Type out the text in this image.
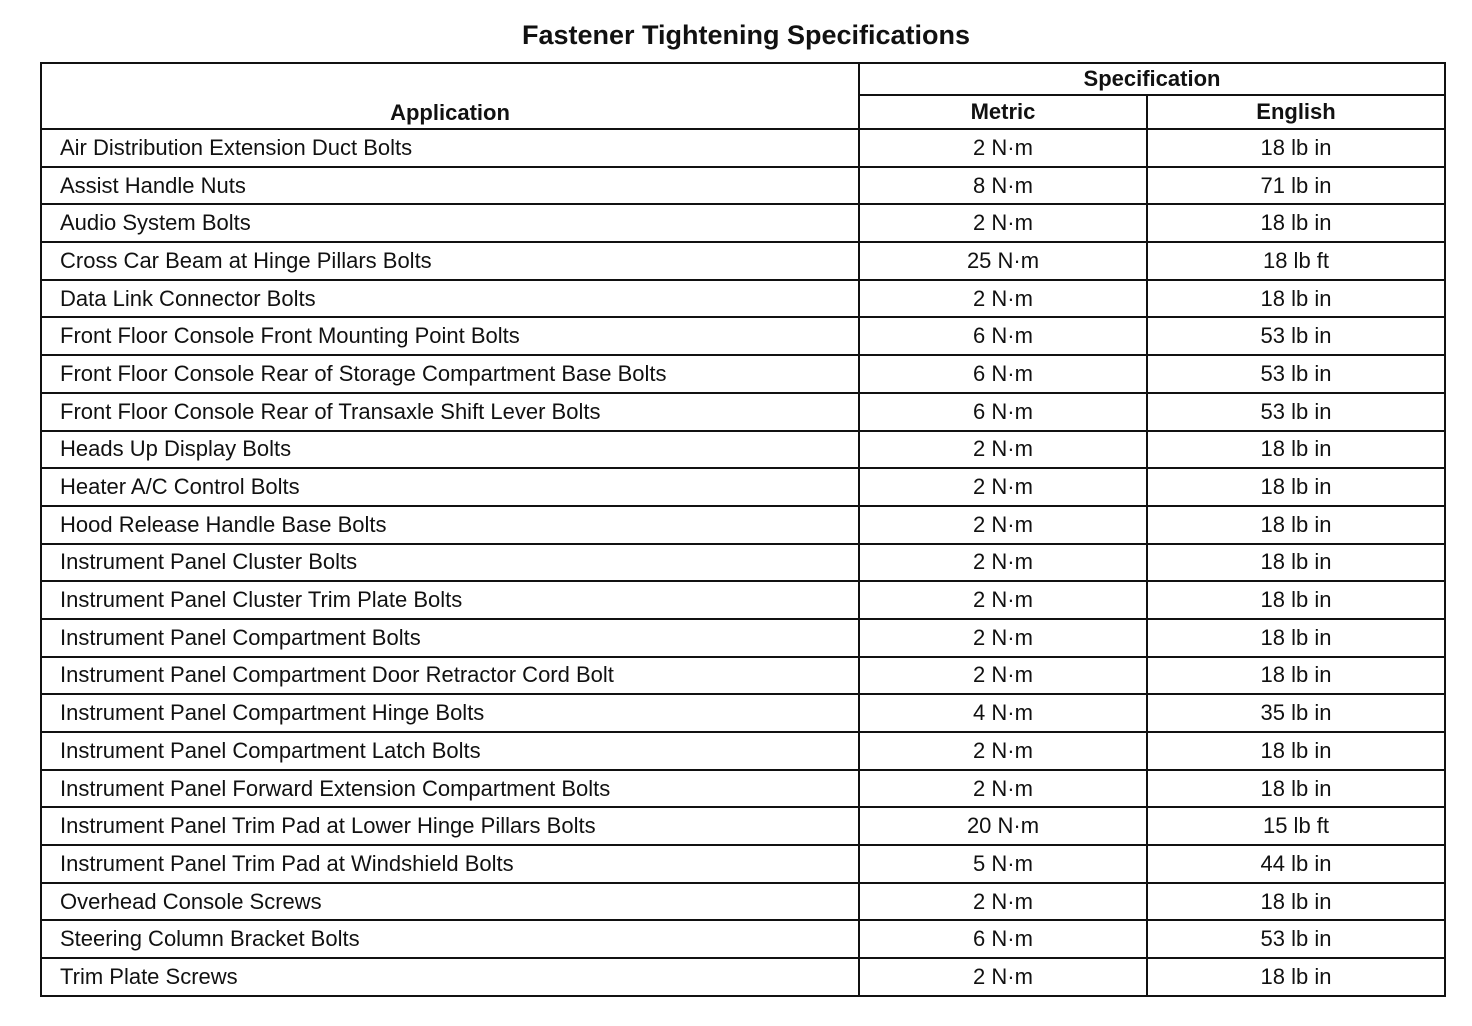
Fastener Tightening Specifications
Application	Specification	
	Metric	English
Air Distribution Extension Duct Bolts	2 N·m	18 lb in
Assist Handle Nuts	8 N·m	71 lb in
Audio System Bolts	2 N·m	18 lb in
Cross Car Beam at Hinge Pillars Bolts	25 N·m	18 lb ft
Data Link Connector Bolts	2 N·m	18 lb in
Front Floor Console Front Mounting Point Bolts	6 N·m	53 lb in
Front Floor Console Rear of Storage Compartment Base Bolts	6 N·m	53 lb in
Front Floor Console Rear of Transaxle Shift Lever Bolts	6 N·m	53 lb in
Heads Up Display Bolts	2 N·m	18 lb in
Heater A/C Control Bolts	2 N·m	18 lb in
Hood Release Handle Base Bolts	2 N·m	18 lb in
Instrument Panel Cluster Bolts	2 N·m	18 lb in
Instrument Panel Cluster Trim Plate Bolts	2 N·m	18 lb in
Instrument Panel Compartment Bolts	2 N·m	18 lb in
Instrument Panel Compartment Door Retractor Cord Bolt	2 N·m	18 lb in
Instrument Panel Compartment Hinge Bolts	4 N·m	35 lb in
Instrument Panel Compartment Latch Bolts	2 N·m	18 lb in
Instrument Panel Forward Extension Compartment Bolts	2 N·m	18 lb in
Instrument Panel Trim Pad at Lower Hinge Pillars Bolts	20 N·m	15 lb ft
Instrument Panel Trim Pad at Windshield Bolts	5 N·m	44 lb in
Overhead Console Screws	2 N·m	18 lb in
Steering Column Bracket Bolts	6 N·m	53 lb in
Trim Plate Screws	2 N·m	18 lb in
